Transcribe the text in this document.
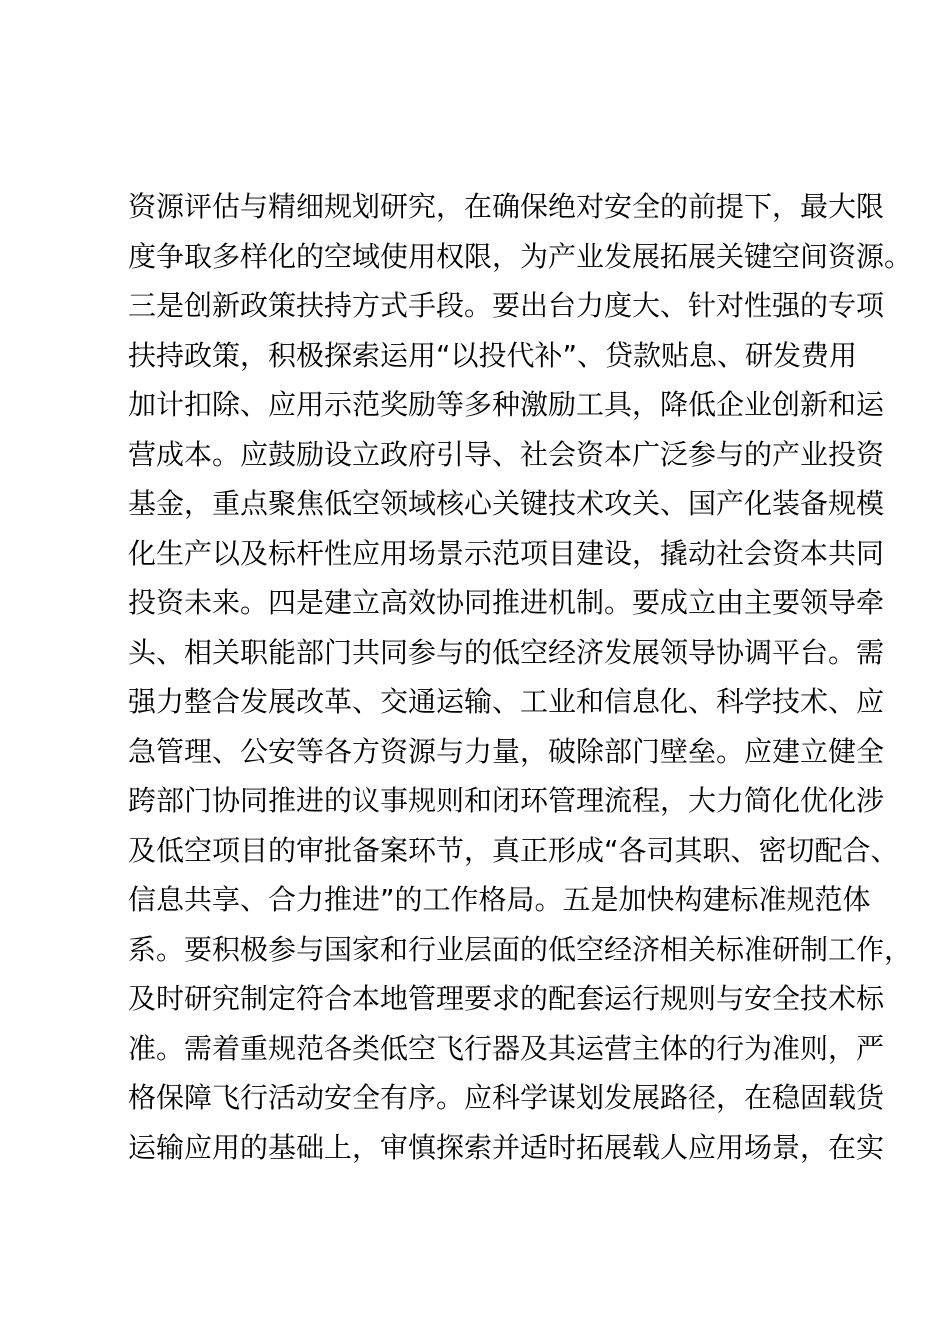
资源评估与精细规划研究，在确保绝对安全的前提下，最大限
度争取多样化的空域使用权限，为产业发展拓展关键空间资源。
三是创新政策扶持方式手段。要出台力度大、针对性强的专项
扶持政策，积极探索运用“以投代补”、贷款贴息、研发费用
加计扣除、应用示范奖励等多种激励工具，降低企业创新和运
营成本。应鼓励设立政府引导、社会资本广泛参与的产业投资
基金，重点聚焦低空领域核心关键技术攻关、国产化装备规模
化生产以及标杆性应用场景示范项目建设，撬动社会资本共同
投资未来。四是建立高效协同推进机制。要成立由主要领导牵
头、相关职能部门共同参与的低空经济发展领导协调平台。需
强力整合发展改革、交通运输、工业和信息化、科学技术、应
急管理、公安等各方资源与力量，破除部门壁垒。应建立健全
跨部门协同推进的议事规则和闭环管理流程，大力简化优化涉
及低空项目的审批备案环节，真正形成“各司其职、密切配合、
信息共享、合力推进”的工作格局。五是加快构建标准规范体
系。要积极参与国家和行业层面的低空经济相关标准研制工作，
及时研究制定符合本地管理要求的配套运行规则与安全技术标
准。需着重规范各类低空飞行器及其运营主体的行为准则，严
格保障飞行活动安全有序。应科学谋划发展路径，在稳固载货
运输应用的基础上，审慎探索并适时拓展载人应用场景，在实
